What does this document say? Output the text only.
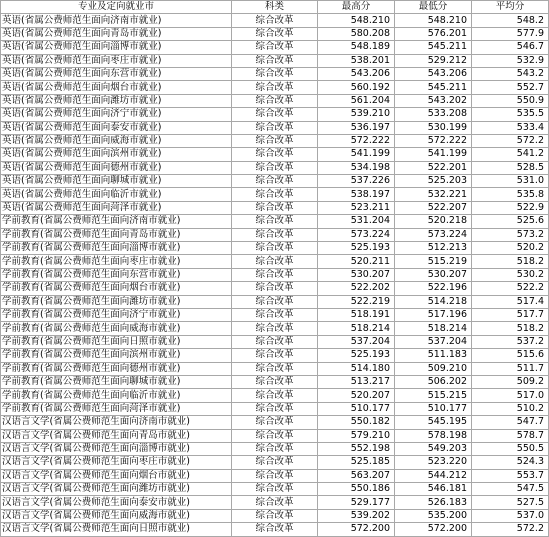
专业及定向就业市	科类	最高分	最低分	平均分
英语(省属公费师范生面向济南市就业)	综合改革	548.210	548.210	548.2
英语(省属公费师范生面向青岛市就业)	综合改革	580.208	576.201	577.9
英语(省属公费师范生面向淄博市就业)	综合改革	548.189	545.211	546.7
英语(省属公费师范生面向枣庄市就业)	综合改革	538.201	529.212	532.9
英语(省属公费师范生面向东营市就业)	综合改革	543.206	543.206	543.2
英语(省属公费师范生面向烟台市就业)	综合改革	560.192	545.211	552.7
英语(省属公费师范生面向潍坊市就业)	综合改革	561.204	543.202	550.9
英语(省属公费师范生面向济宁市就业)	综合改革	539.210	533.208	535.5
英语(省属公费师范生面向泰安市就业)	综合改革	536.197	530.199	533.4
英语(省属公费师范生面向威海市就业)	综合改革	572.222	572.222	572.2
英语(省属公费师范生面向滨州市就业)	综合改革	541.199	541.199	541.2
英语(省属公费师范生面向德州市就业)	综合改革	534.198	522.201	528.5
英语(省属公费师范生面向聊城市就业)	综合改革	537.226	525.203	531.0
英语(省属公费师范生面向临沂市就业)	综合改革	538.197	532.221	535.8
英语(省属公费师范生面向菏泽市就业)	综合改革	523.211	522.207	522.9
学前教育(省属公费师范生面向济南市就业)	综合改革	531.204	520.218	525.6
学前教育(省属公费师范生面向青岛市就业)	综合改革	573.224	573.224	573.2
学前教育(省属公费师范生面向淄博市就业)	综合改革	525.193	512.213	520.2
学前教育(省属公费师范生面向枣庄市就业)	综合改革	520.211	515.219	518.2
学前教育(省属公费师范生面向东营市就业)	综合改革	530.207	530.207	530.2
学前教育(省属公费师范生面向烟台市就业)	综合改革	522.202	522.196	522.2
学前教育(省属公费师范生面向潍坊市就业)	综合改革	522.219	514.218	517.4
学前教育(省属公费师范生面向济宁市就业)	综合改革	518.191	517.196	517.7
学前教育(省属公费师范生面向威海市就业)	综合改革	518.214	518.214	518.2
学前教育(省属公费师范生面向日照市就业)	综合改革	537.204	537.204	537.2
学前教育(省属公费师范生面向滨州市就业)	综合改革	525.193	511.183	515.6
学前教育(省属公费师范生面向德州市就业)	综合改革	514.180	509.210	511.7
学前教育(省属公费师范生面向聊城市就业)	综合改革	513.217	506.202	509.2
学前教育(省属公费师范生面向临沂市就业)	综合改革	520.207	515.215	517.0
学前教育(省属公费师范生面向菏泽市就业)	综合改革	510.177	510.177	510.2
汉语言文学(省属公费师范生面向济南市就业)	综合改革	550.182	545.195	547.7
汉语言文学(省属公费师范生面向青岛市就业)	综合改革	579.210	578.198	578.7
汉语言文学(省属公费师范生面向淄博市就业)	综合改革	552.198	549.203	550.5
汉语言文学(省属公费师范生面向枣庄市就业)	综合改革	525.185	523.220	524.3
汉语言文学(省属公费师范生面向烟台市就业)	综合改革	563.207	544.212	553.7
汉语言文学(省属公费师范生面向潍坊市就业)	综合改革	550.186	546.181	547.5
汉语言文学(省属公费师范生面向泰安市就业)	综合改革	529.177	526.183	527.5
汉语言文学(省属公费师范生面向威海市就业)	综合改革	539.202	535.200	537.0
汉语言文学(省属公费师范生面向日照市就业)	综合改革	572.200	572.200	572.2
